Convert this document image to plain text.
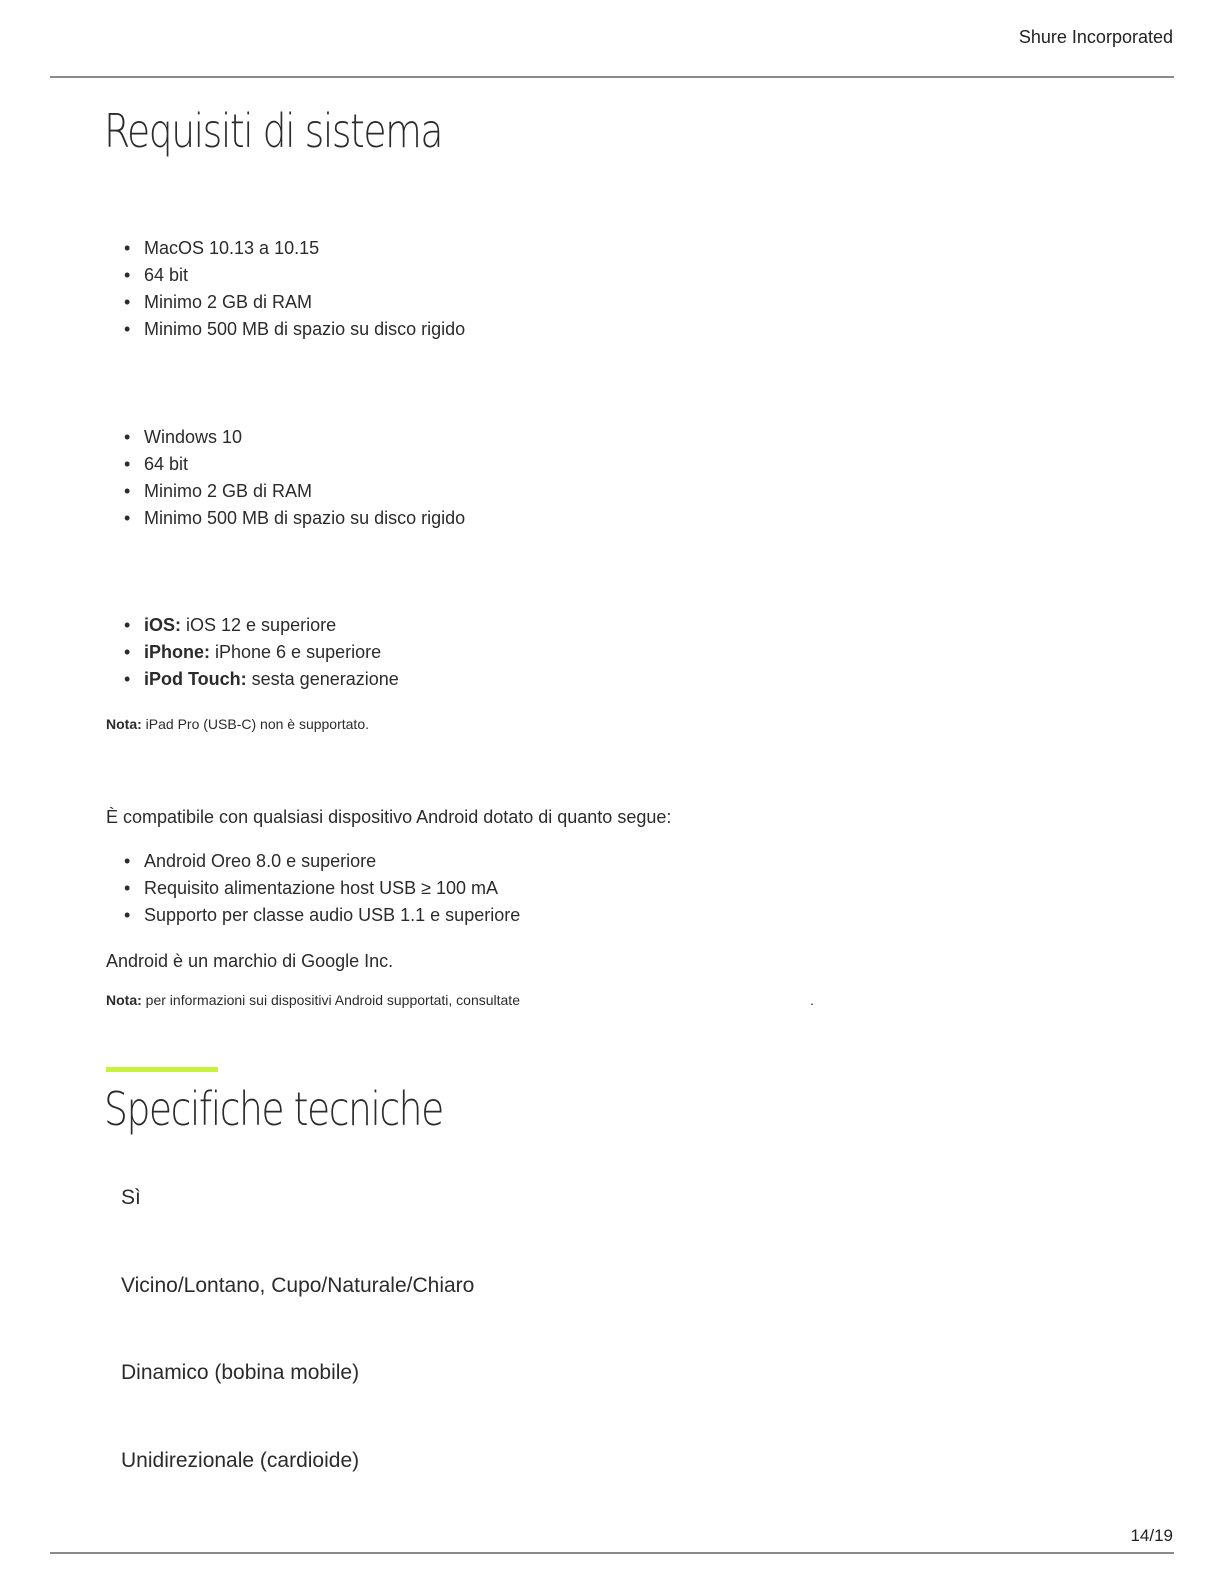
Shure Incorporated
Requisiti di sistema
• MacOS 10.13 a 10.15
• 64 bit
• Minimo 2 GB di RAM
• Minimo 500 MB di spazio su disco rigido
• Windows 10
• 64 bit
• Minimo 2 GB di RAM
• Minimo 500 MB di spazio su disco rigido
• iOS: iOS 12 e superiore
• iPhone: iPhone 6 e superiore
• iPod Touch: sesta generazione

Nota: iPad Pro (USB-C) non è supportato.

È compatibile con qualsiasi dispositivo Android dotato di quanto segue:

• Android Oreo 8.0 e superiore
• Requisito alimentazione host USB ≥ 100 mA
• Supporto per classe audio USB 1.1 e superiore

Android è un marchio di Google Inc.

Nota: per informazioni sui dispositivi Android supportati, consultate	.
Specifiche tecniche

Sì

Vicino/Lontano, Cupo/Naturale/Chiaro

Dinamico (bobina mobile)

Unidirezionale (cardioide)

14/19
